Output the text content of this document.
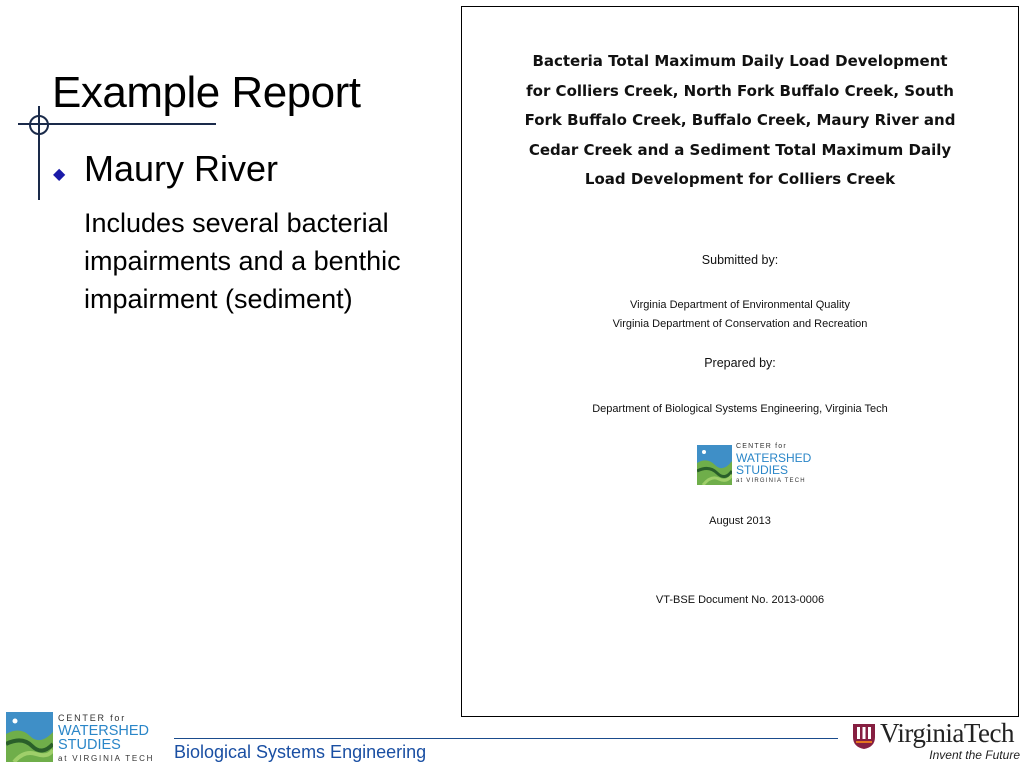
Example Report
◆ Maury River
Includes several bacterial impairments and a benthic impairment (sediment)
Bacteria Total Maximum Daily Load Development
for Colliers Creek, North Fork Buffalo Creek, South
Fork Buffalo Creek, Buffalo Creek, Maury River and
Cedar Creek and a Sediment Total Maximum Daily
Load Development for Colliers Creek
Submitted by:
Virginia Department of Environmental Quality
Virginia Department of Conservation and Recreation
Prepared by:
Department of Biological Systems Engineering, Virginia Tech
CENTER for
WATERSHED
STUDIES
at VIRGINIA TECH
August 2013
VT-BSE Document No. 2013-0006
CENTER for
WATERSHED
STUDIES
at VIRGINIA TECH Biological Systems Engineering
VirginiaTech
Invent the Future
